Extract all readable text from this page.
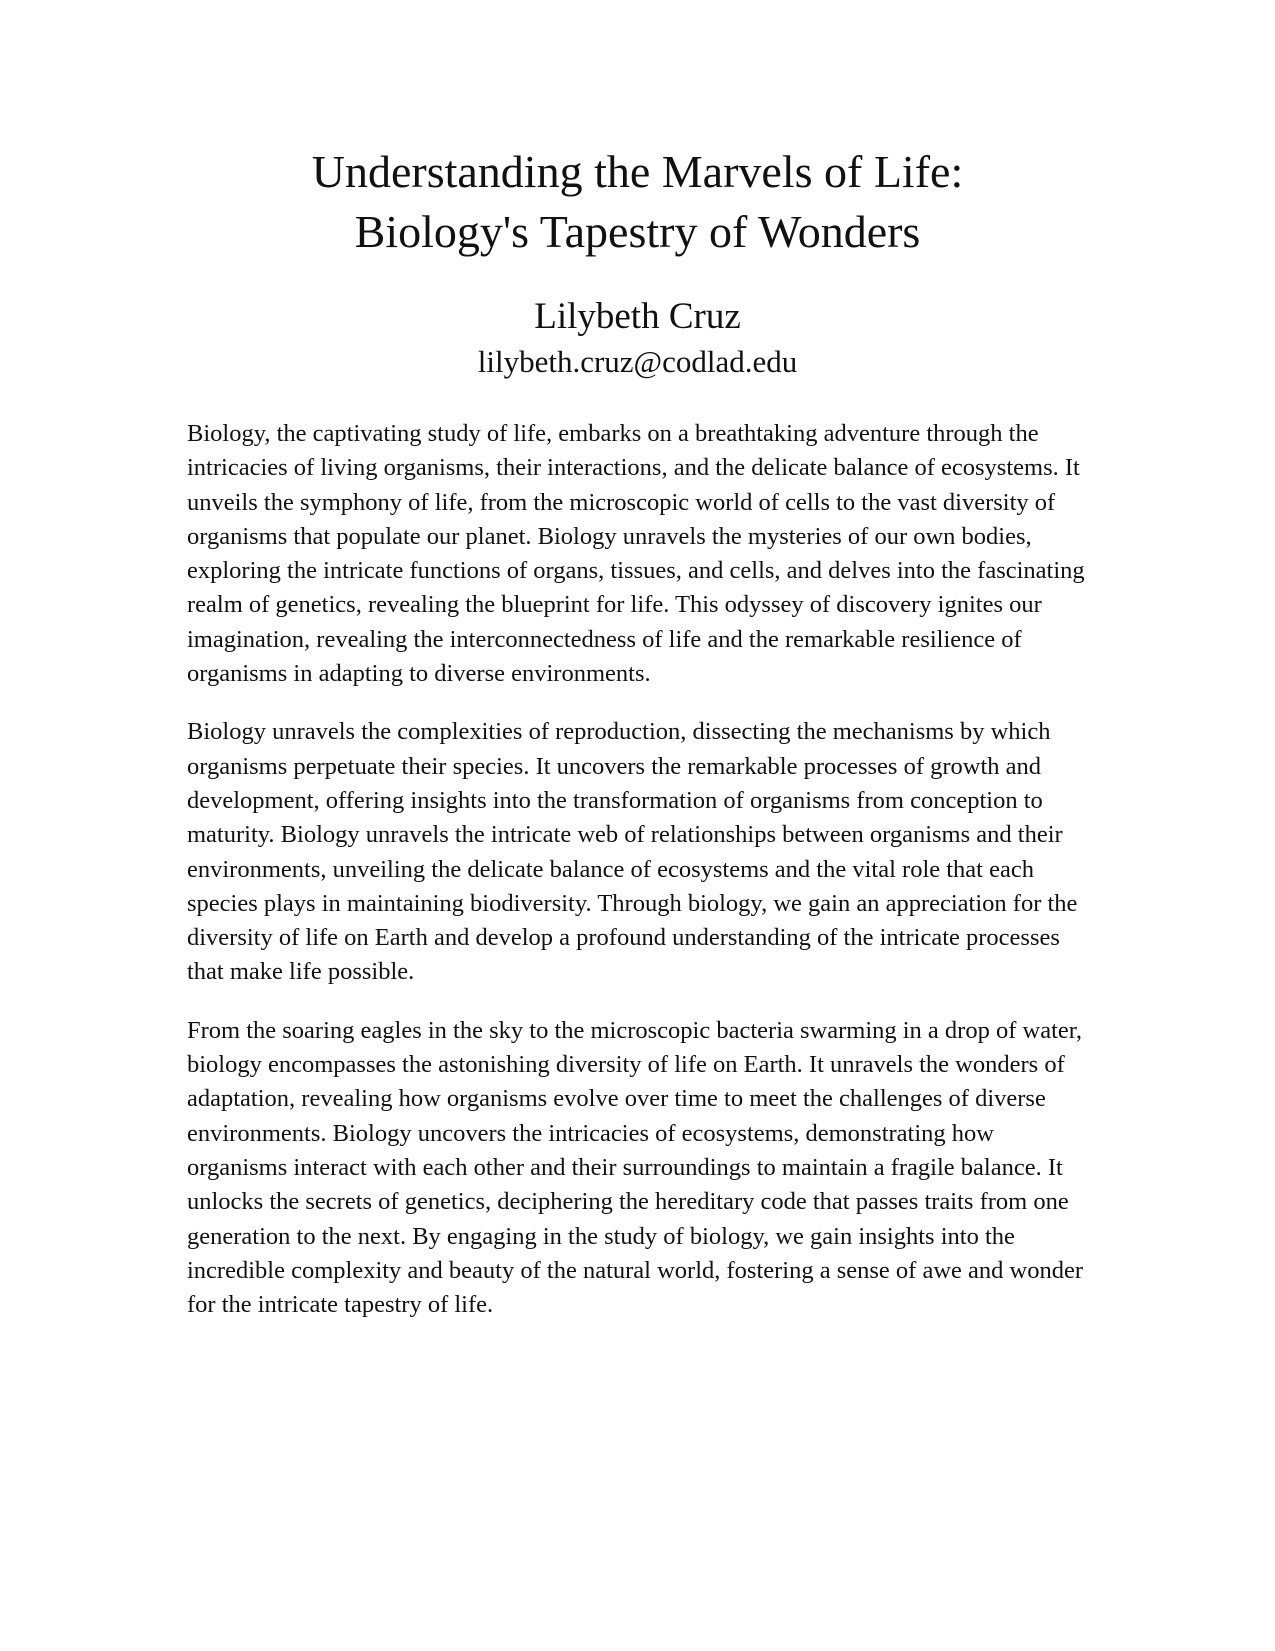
Understanding the Marvels of Life:
Biology's Tapestry of Wonders
Lilybeth Cruz
lilybeth.cruz@codlad.edu

Biology, the captivating study of life, embarks on a breathtaking adventure through the intricacies of living organisms, their interactions, and the delicate balance of ecosystems. It unveils the symphony of life, from the microscopic world of cells to the vast diversity of organisms that populate our planet. Biology unravels the mysteries of our own bodies, exploring the intricate functions of organs, tissues, and cells, and delves into the fascinating realm of genetics, revealing the blueprint for life. This odyssey of discovery ignites our imagination, revealing the interconnectedness of life and the remarkable resilience of organisms in adapting to diverse environments.

Biology unravels the complexities of reproduction, dissecting the mechanisms by which organisms perpetuate their species. It uncovers the remarkable processes of growth and development, offering insights into the transformation of organisms from conception to maturity. Biology unravels the intricate web of relationships between organisms and their environments, unveiling the delicate balance of ecosystems and the vital role that each species plays in maintaining biodiversity. Through biology, we gain an appreciation for the diversity of life on Earth and develop a profound understanding of the intricate processes that make life possible.

From the soaring eagles in the sky to the microscopic bacteria swarming in a drop of water, biology encompasses the astonishing diversity of life on Earth. It unravels the wonders of adaptation, revealing how organisms evolve over time to meet the challenges of diverse environments. Biology uncovers the intricacies of ecosystems, demonstrating how organisms interact with each other and their surroundings to maintain a fragile balance. It unlocks the secrets of genetics, deciphering the hereditary code that passes traits from one generation to the next. By engaging in the study of biology, we gain insights into the incredible complexity and beauty of the natural world, fostering a sense of awe and wonder for the intricate tapestry of life.
